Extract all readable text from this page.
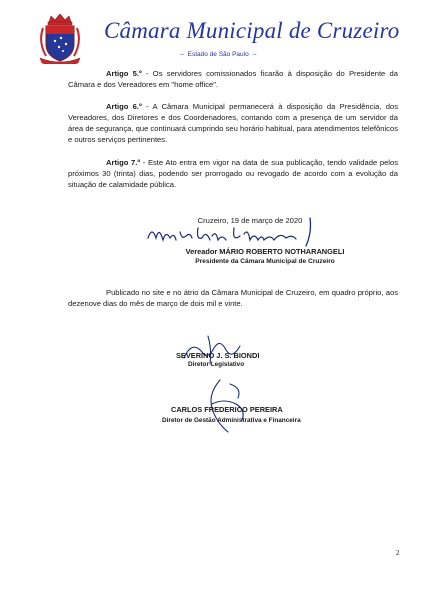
Câmara Municipal de Cruzeiro
– Estado de São Paulo –
Artigo 5.º - Os servidores comissionados ficarão à disposição do Presidente da Câmara e dos Vereadores em "home office".
Artigo 6.º - A Câmara Municipal permanecerá à disposição da Presidência, dos Vereadores, dos Diretores e dos Coordenadores, contando com a presença de um servidor da área de segurança, que continuará cumprindo seu horário habitual, para atendimentos telefônicos e outros serviços pertinentes.
Artigo 7.º - Este Ato entra em vigor na data de sua publicação, tendo validade pelos próximos 30 (trinta) dias, podendo ser prorrogado ou revogado de acordo com a evolução da situação de calamidade pública.
Cruzeiro, 19 de março de 2020
Vereador MÁRIO ROBERTO NOTHARANGELI
Presidente da Câmara Municipal de Cruzeiro
Publicado no site e no átrio da Câmara Municipal de Cruzeiro, em quadro próprio, aos dezenove dias do mês de março de dois mil e vinte.
SEVERINO J. S. BIONDI
Diretor Legislativo
CARLOS FREDERICO PEREIRA
Diretor de Gestão Administrativa e Financeira
2
